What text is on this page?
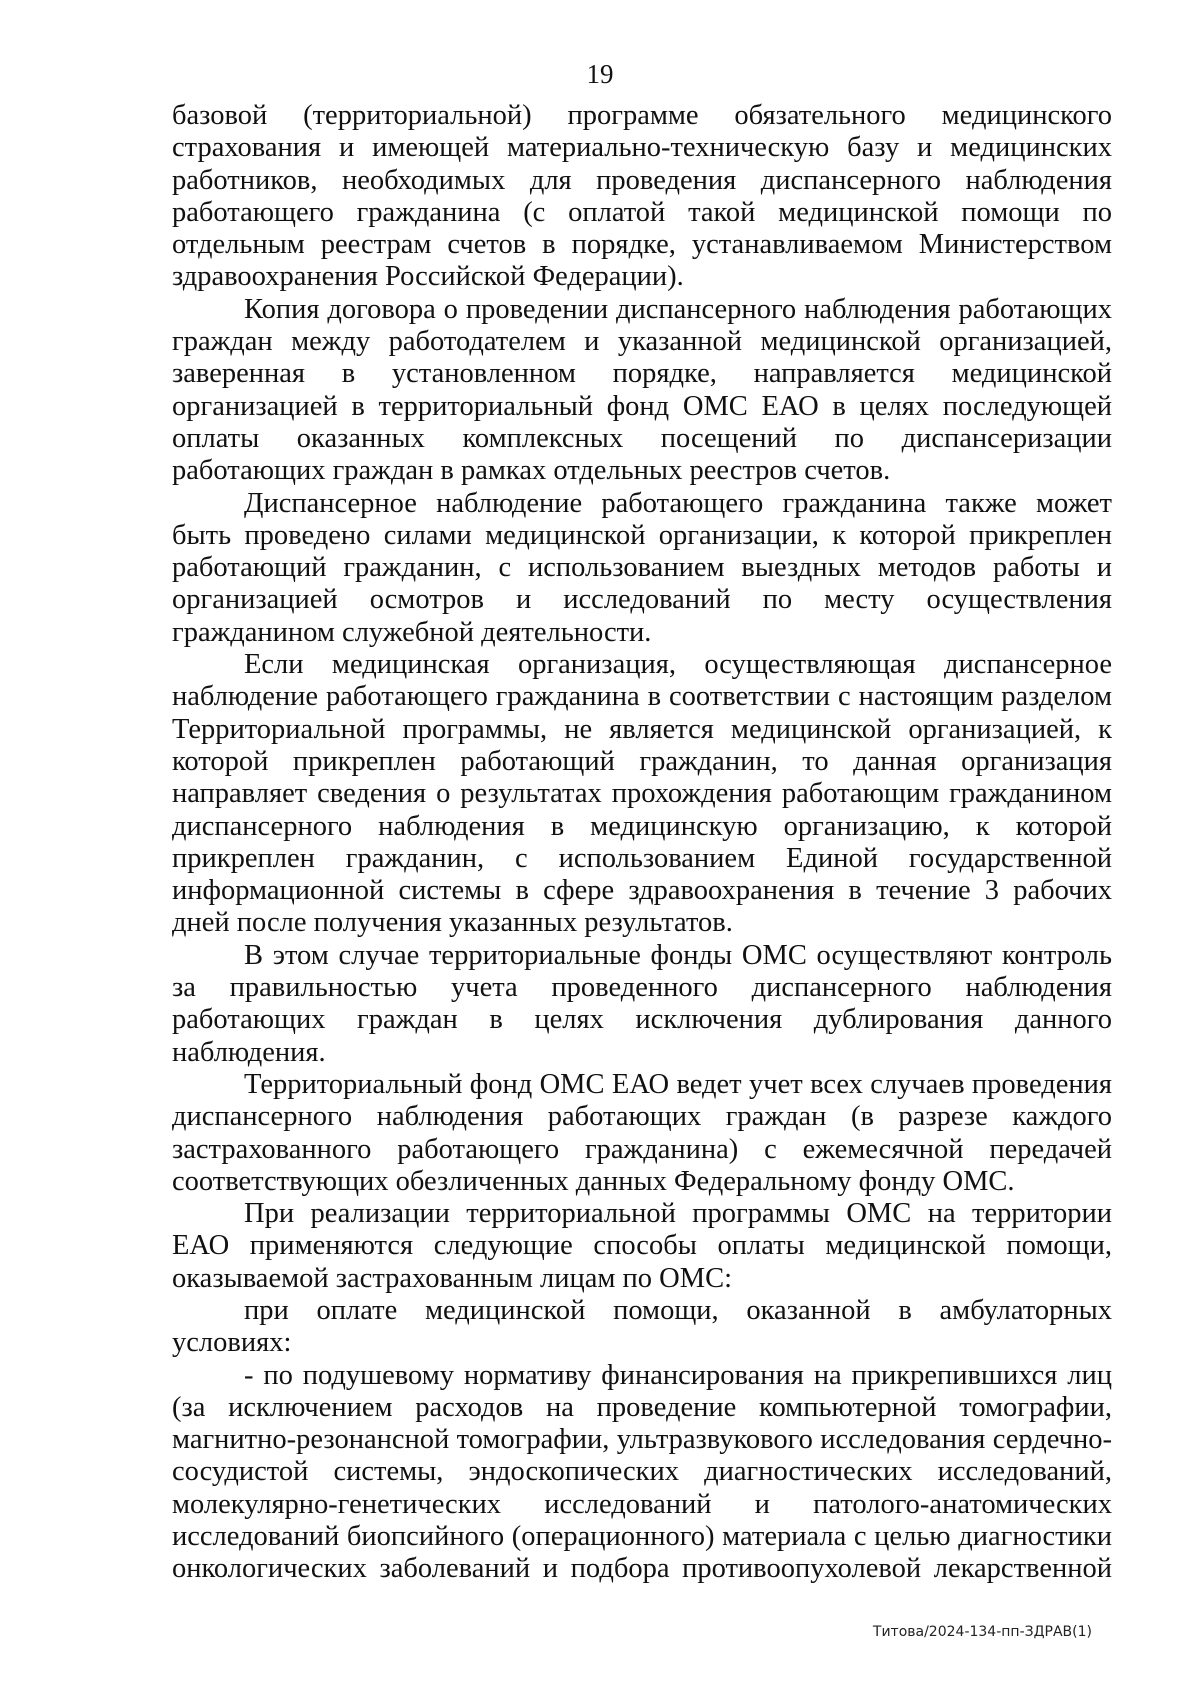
19

базовой (территориальной) программе обязательного медицинского страхования и имеющей материально-техническую базу и медицинских работников, необходимых для проведения диспансерного наблюдения работающего гражданина (с оплатой такой медицинской помощи по отдельным реестрам счетов в порядке, устанавливаемом Министерством здравоохранения Российской Федерации).

Копия договора о проведении диспансерного наблюдения работающих граждан между работодателем и указанной медицинской организацией, заверенная в установленном порядке, направляется медицинской организацией в территориальный фонд ОМС ЕАО в целях последующей оплаты оказанных комплексных посещений по диспансеризации работающих граждан в рамках отдельных реестров счетов.

Диспансерное наблюдение работающего гражданина также может быть проведено силами медицинской организации, к которой прикреплен работающий гражданин, с использованием выездных методов работы и организацией осмотров и исследований по месту осуществления гражданином служебной деятельности.

Если медицинская организация, осуществляющая диспансерное наблюдение работающего гражданина в соответствии с настоящим разделом Территориальной программы, не является медицинской организацией, к которой прикреплен работающий гражданин, то данная организация направляет сведения о результатах прохождения работающим гражданином диспансерного наблюдения в медицинскую организацию, к которой прикреплен гражданин, с использованием Единой государственной информационной системы в сфере здравоохранения в течение 3 рабочих дней после получения указанных результатов.

В этом случае территориальные фонды ОМС осуществляют контроль за правильностью учета проведенного диспансерного наблюдения работающих граждан в целях исключения дублирования данного наблюдения.

Территориальный фонд ОМС ЕАО ведет учет всех случаев проведения диспансерного наблюдения работающих граждан (в разрезе каждого застрахованного работающего гражданина) с ежемесячной передачей соответствующих обезличенных данных Федеральному фонду ОМС.

При реализации территориальной программы ОМС на территории ЕАО применяются следующие способы оплаты медицинской помощи, оказываемой застрахованным лицам по ОМС:

при оплате медицинской помощи, оказанной в амбулаторных условиях:

- по подушевому нормативу финансирования на прикрепившихся лиц (за исключением расходов на проведение компьютерной томографии, магнитно-резонансной томографии, ультразвукового исследования сердечно-сосудистой системы, эндоскопических диагностических исследований, молекулярно-генетических исследований и патолого-анатомических исследований биопсийного (операционного) материала с целью диагностики онкологических заболеваний и подбора противоопухолевой лекарственной

Титова/2024-134-пп-ЗДРАВ(1)
